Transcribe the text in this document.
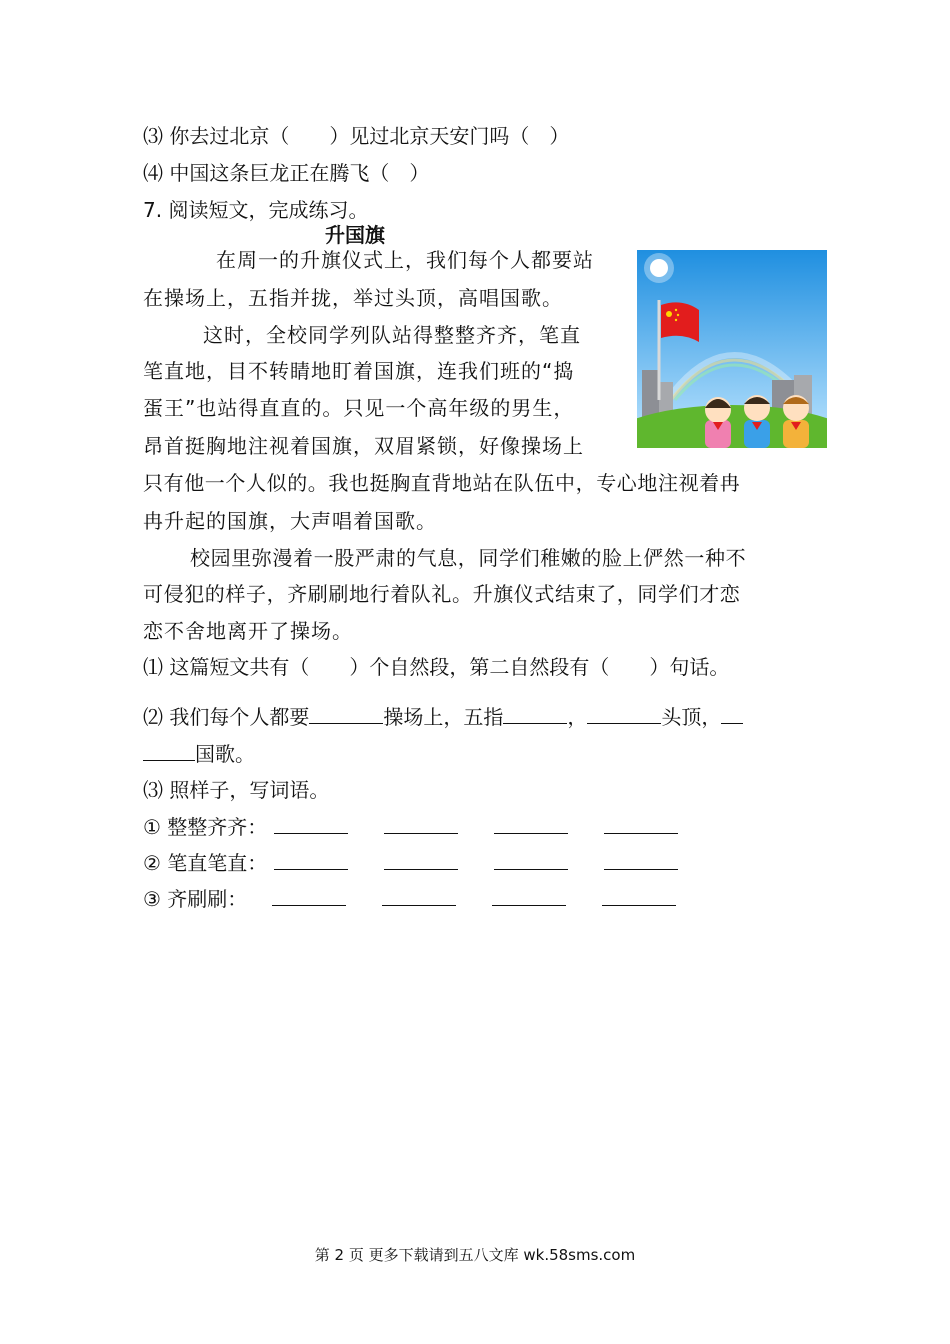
⑶ 你去过北京（　　）见过北京天安门吗（　）
⑷ 中国这条巨龙正在腾飞（　）
7. 阅读短文，完成练习。
升国旗
在周一的升旗仪式上，我们每个人都要站
在操场上，五指并拢，举过头顶，高唱国歌。
这时，全校同学列队站得整整齐齐，笔直
笔直地，目不转睛地盯着国旗，连我们班的“捣
蛋王”也站得直直的。只见一个高年级的男生，
昂首挺胸地注视着国旗，双眉紧锁，好像操场上
只有他一个人似的。我也挺胸直背地站在队伍中，专心地注视着冉
冉升起的国旗，大声唱着国歌。
校园里弥漫着一股严肃的气息，同学们稚嫩的脸上俨然一种不
可侵犯的样子，齐刷刷地行着队礼。升旗仪式结束了，同学们才恋
恋不舍地离开了操场。
⑴ 这篇短文共有（　　）个自然段，第二自然段有（　　）句话。
⑵ 我们每个人都要	操场上，五指	，	头顶，
国歌。
⑶ 照样子，写词语。
① 整整齐齐：
② 笔直笔直：
③ 齐刷刷：
第 2 页 更多下载请到五八文库 wk.58sms.com
